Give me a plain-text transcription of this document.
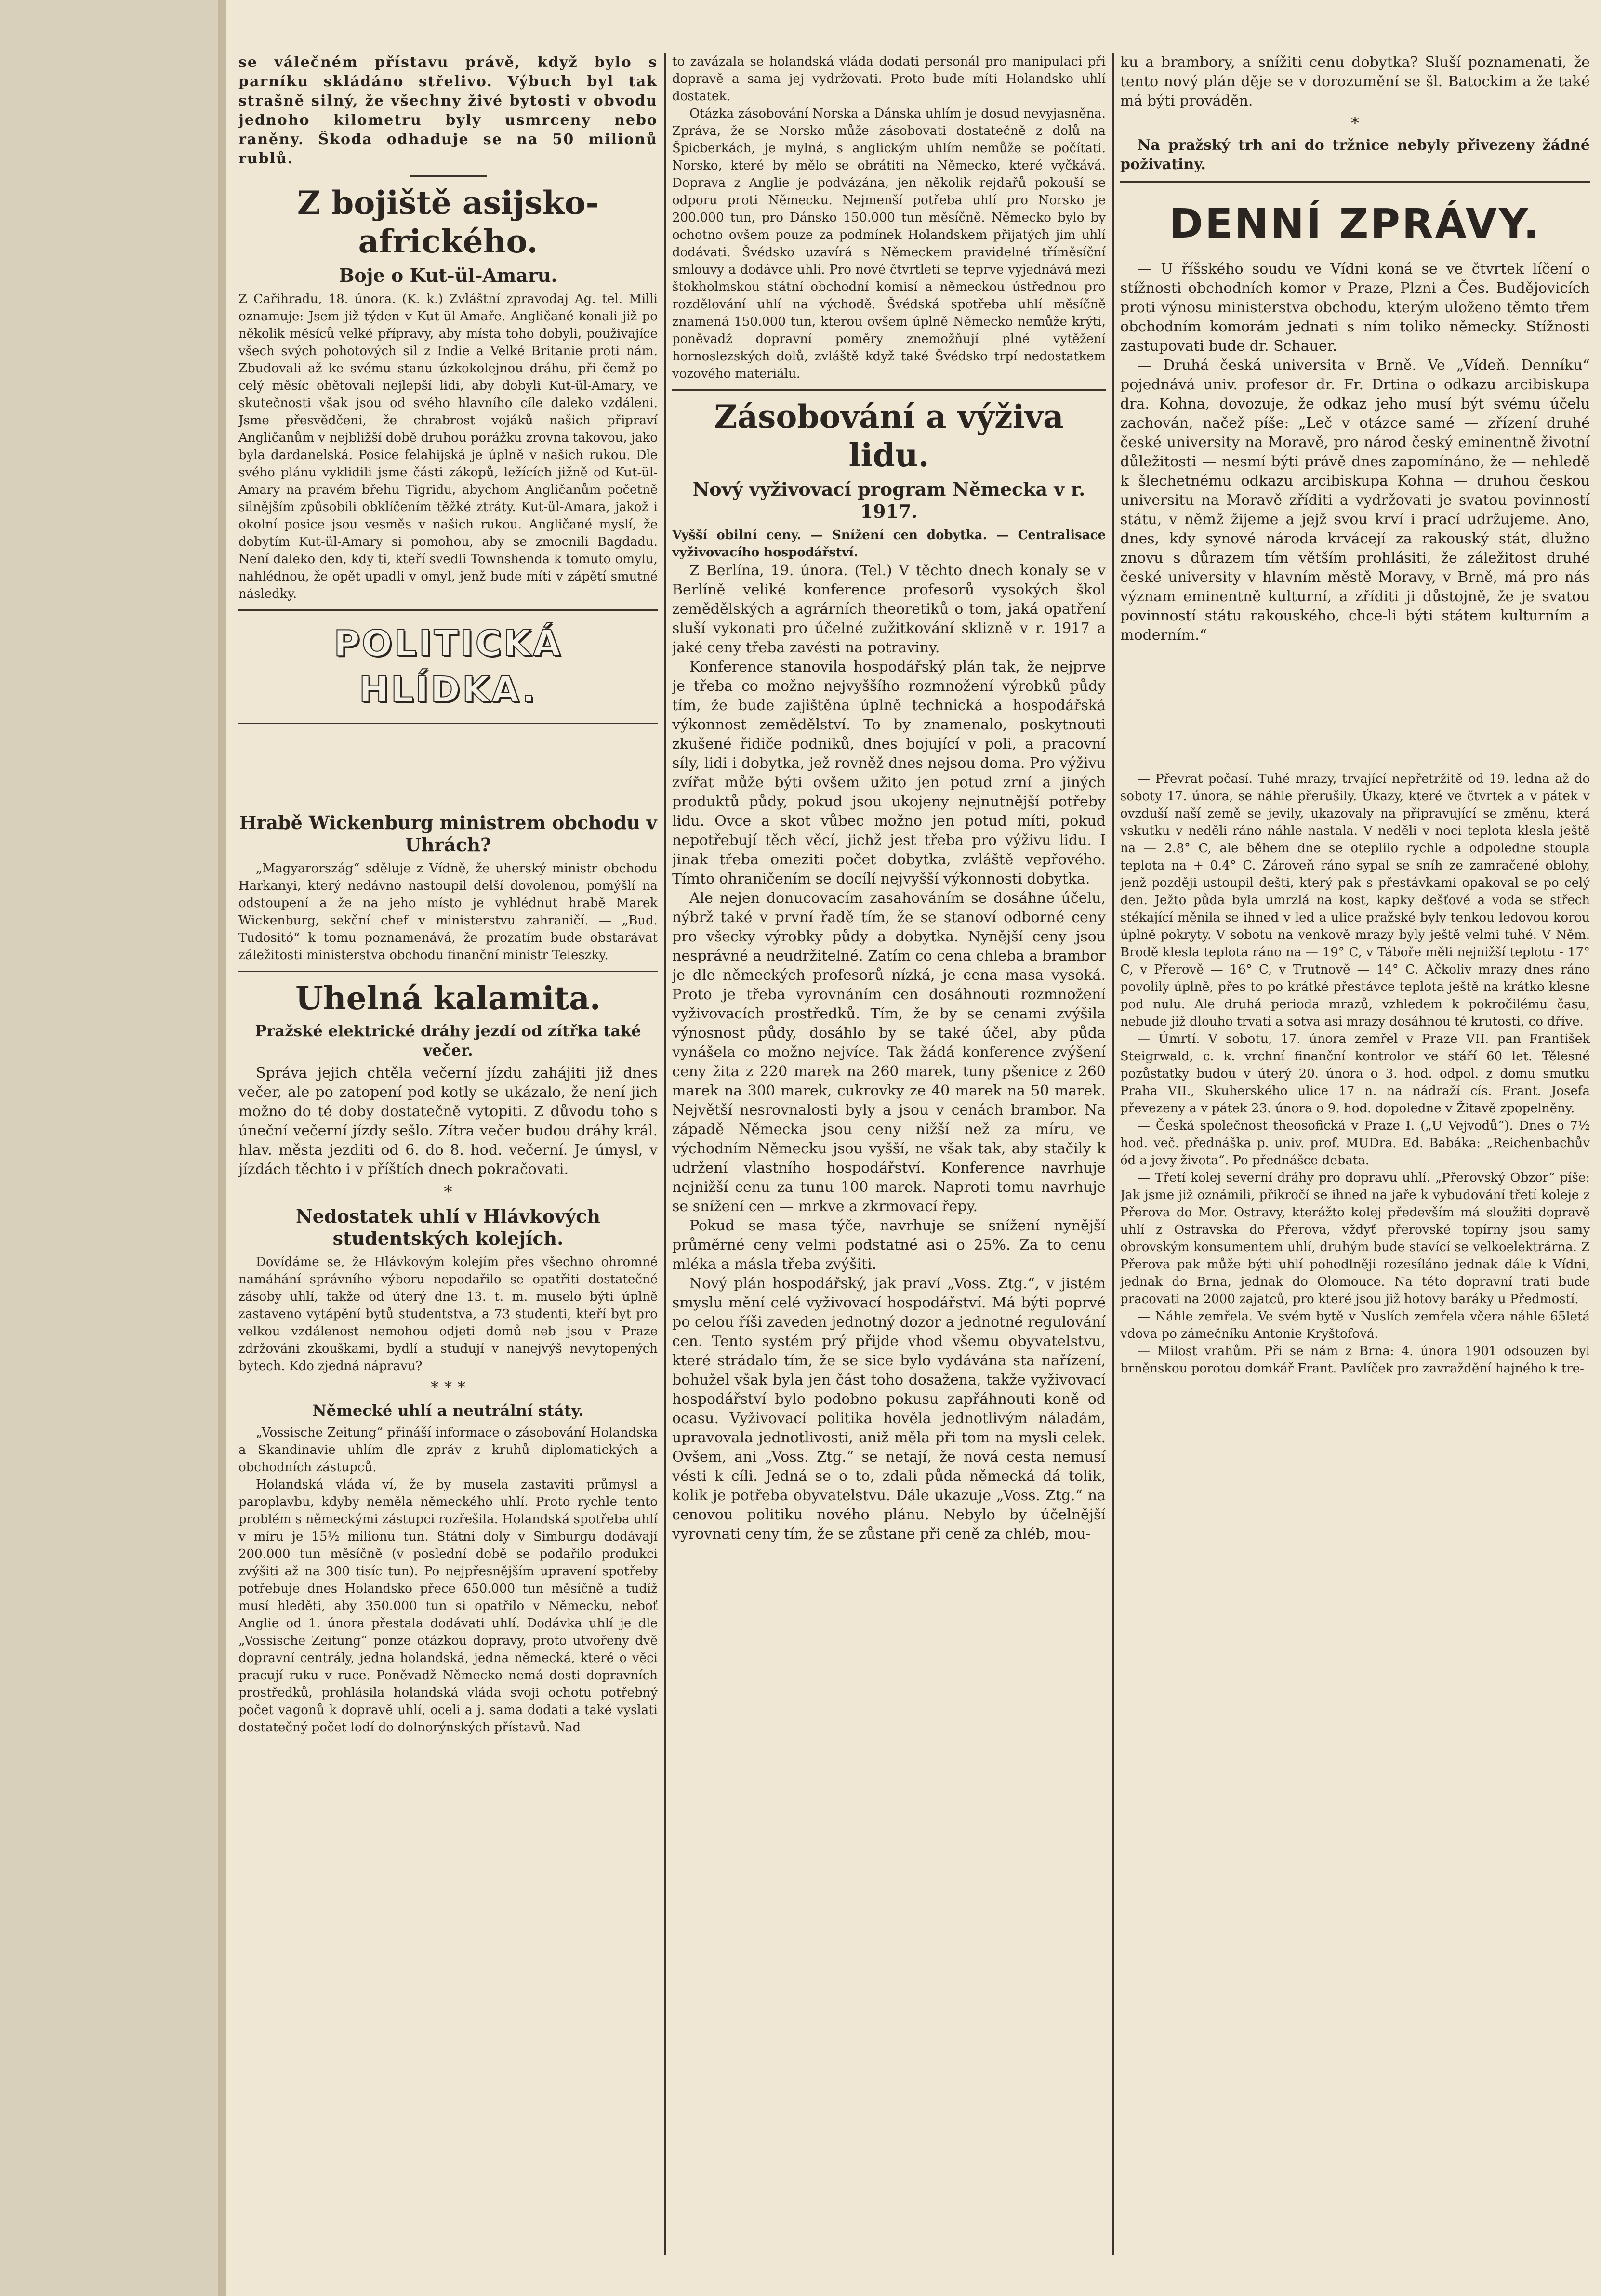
se válečném přístavu právě, když bylo s parníku skládáno střelivo. Výbuch byl tak strašně silný, že všechny živé bytosti v obvodu jednoho kilometru byly usmrceny nebo raněny. Škoda odhaduje se na 50 milionů rublů.

Z bojiště asijsko-afrického.
Boje o Kut-ül-Amaru.

Z Cařihradu, 18. února. (K. k.) Zvláštní zpravodaj Ag. tel. Milli oznamuje: Jsem již týden v Kut-ül-Amaře. Angličané konali již po několik měsíců velké přípravy, aby místa toho dobyli, použivajíce všech svých pohotových sil z Indie a Velké Britanie proti nám. Zbudovali až ke svému stanu úzkokolejnou dráhu, při čemž po celý měsíc obětovali nejlepší lidi, aby dobyli Kut-ül-Amary, ve skutečnosti však jsou od svého hlavního cíle daleko vzdáleni. Jsme přesvědčeni, že chrabrost vojáků našich připraví Angličanům v nejbližší době druhou porážku zrovna takovou, jako byla dardanelská. Posice felahijská je úplně v našich rukou. Dle svého plánu vyklidili jsme části zákopů, ležících jižně od Kut-ül-Amary na pravém břehu Tigridu, abychom Angličanům početně silnějším způsobili obklíčením těžké ztráty. Kut-ül-Amara, jakož i okolní posice jsou vesměs v našich rukou. Angličané myslí, že dobytím Kut-ül-Amary si pomohou, aby se zmocnili Bagdadu. Není daleko den, kdy ti, kteří svedli Townshenda k tomuto omylu, nahlédnou, že opět upadli v omyl, jenž bude míti v zápětí smutné následky.

POLITICKÁ HLÍDKA.
Hrabě Wickenburg ministrem obchodu v Uhrách?

„Magyarország“ sděluje z Vídně, že uherský ministr obchodu Harkanyi, který nedávno nastoupil delší dovolenou, pomýšlí na odstoupení a že na jeho místo je vyhlédnut hrabě Marek Wickenburg, sekční chef v ministerstvu zahraničí. — „Bud. Tudositó“ k tomu poznamenává, že prozatím bude obstarávat záležitosti ministerstva obchodu finanční ministr Teleszky.

Uhelná kalamita.
Pražské elektrické dráhy jezdí od zítřka také večer.

Správa jejich chtěla večerní jízdu zahájiti již dnes večer, ale po zatopení pod kotly se ukázalo, že není jich možno do té doby dostatečně vytopiti. Z důvodu toho s úneční večerní jízdy sešlo. Zítra večer budou dráhy král. hlav. města jezditi od 6. do 8. hod. večerní. Je úmysl, v jízdách těchto i v příštích dnech pokračovati.

*
Nedostatek uhlí v Hlávkových studentských kolejích.

Dovídáme se, že Hlávkovým kolejím přes všechno ohromné namáhání správního výboru nepodařilo se opatřiti dostatečné zásoby uhlí, takže od úterý dne 13. t. m. muselo býti úplně zastaveno vytápění bytů studentstva, a 73 studenti, kteří byt pro velkou vzdálenost nemohou odjeti domů neb jsou v Praze zdržováni zkouškami, bydlí a studují v nanejvýš nevytopených bytech. Kdo zjedná nápravu?

* * *
Německé uhlí a neutrální státy.

„Vossische Zeitung“ přináší informace o zásobování Holandska a Skandinavie uhlím dle zpráv z kruhů diplomatických a obchodních zástupců.

Holandská vláda ví, že by musela zastaviti průmysl a paroplavbu, kdyby neměla německého uhlí. Proto rychle tento problém s německými zástupci rozřešila. Holandská spotřeba uhlí v míru je 15½ milionu tun. Státní doly v Simburgu dodávají 200.000 tun měsíčně (v poslední době se podařilo produkci zvýšiti až na 300 tisíc tun). Po nejpřesnějším upravení spotřeby potřebuje dnes Holandsko přece 650.000 tun měsíčně a tudíž musí hleděti, aby 350.000 tun si opatřilo v Německu, neboť Anglie od 1. února přestala dodávati uhlí. Dodávka uhlí je dle „Vossische Zeitung“ ponze otázkou dopravy, proto utvořeny dvě dopravní centrály, jedna holandská, jedna německá, které o věci pracují ruku v ruce. Poněvadž Německo nemá dosti dopravních prostředků, prohlásila holandská vláda svoji ochotu potřebný počet vagonů k dopravě uhlí, oceli a j. sama dodati a také vyslati dostatečný počet lodí do dolnorýnských přístavů. Nad

to zavázala se holandská vláda dodati personál pro manipulaci při dopravě a sama jej vydržovati. Proto bude míti Holandsko uhlí dostatek.

Otázka zásobování Norska a Dánska uhlím je dosud nevyjasněna. Zpráva, že se Norsko může zásobovati dostatečně z dolů na Špicberkách, je mylná, s anglickým uhlím nemůže se počítati. Norsko, které by mělo se obrátiti na Německo, které vyčkává. Doprava z Anglie je podvázána, jen několik rejdařů pokouší se odporu proti Německu. Nejmenší potřeba uhlí pro Norsko je 200.000 tun, pro Dánsko 150.000 tun měsíčně. Německo bylo by ochotno ovšem pouze za podmínek Holandskem přijatých jim uhlí dodávati. Švédsko uzavírá s Německem pravidelné tříměsíční smlouvy a dodávce uhlí. Pro nové čtvrtletí se teprve vyjednává mezi štokholmskou státní obchodní komisí a německou ústřednou pro rozdělování uhlí na východě. Švédská spotřeba uhlí měsíčně znamená 150.000 tun, kterou ovšem úplně Německo nemůže krýti, poněvadž dopravní poměry znemožňují plné vytěžení hornoslezských dolů, zvláště když také Švédsko trpí nedostatkem vozového materiálu.

Zásobování a výživa lidu.
Nový vyživovací program Německa v r. 1917.

Vyšší obilní ceny. — Snížení cen dobytka. — Centralisace vyživovacího hospodářství.

Z Berlína, 19. února. (Tel.) V těchto dnech konaly se v Berlíně veliké konference profesorů vysokých škol zemědělských a agrárních theoretiků o tom, jaká opatření sluší vykonati pro účelné zužitkování sklizně v r. 1917 a jaké ceny třeba zavésti na potraviny.

Konference stanovila hospodářský plán tak, že nejprve je třeba co možno nejvyššího rozmnožení výrobků půdy tím, že bude zajištěna úplně technická a hospodářská výkonnost zemědělství. To by znamenalo, poskytnouti zkušené řidiče podniků, dnes bojující v poli, a pracovní síly, lidi i dobytka, jež rovněž dnes nejsou doma. Pro výživu zvířat může býti ovšem užito jen potud zrní a jiných produktů půdy, pokud jsou ukojeny nejnutnější potřeby lidu. Ovce a skot vůbec možno jen potud míti, pokud nepotřebují těch věcí, jichž jest třeba pro výživu lidu. I jinak třeba omeziti počet dobytka, zvláště vepřového. Tímto ohraničením se docílí nejvyšší výkonnosti dobytka.

Ale nejen donucovacím zasahováním se dosáhne účelu, nýbrž také v první řadě tím, že se stanoví odborné ceny pro všecky výrobky půdy a dobytka. Nynější ceny jsou nesprávné a neudržitelné. Zatím co cena chleba a brambor je dle německých profesorů nízká, je cena masa vysoká. Proto je třeba vyrovnáním cen dosáhnouti rozmnožení vyživovacích prostředků. Tím, že by se cenami zvýšila výnosnost půdy, dosáhlo by se také účel, aby půda vynášela co možno nejvíce. Tak žádá konference zvýšení ceny žita z 220 marek na 260 marek, tuny pšenice z 260 marek na 300 marek, cukrovky ze 40 marek na 50 marek. Největší nesrovnalosti byly a jsou v cenách brambor. Na západě Německa jsou ceny nižší než za míru, ve východním Německu jsou vyšší, ne však tak, aby stačily k udržení vlastního hospodářství. Konference navrhuje nejnižší cenu za tunu 100 marek. Naproti tomu navrhuje se snížení cen — mrkve a zkrmovací řepy.

Pokud se masa týče, navrhuje se snížení nynější průměrné ceny velmi podstatné asi o 25%. Za to cenu mléka a másla třeba zvýšiti.

Nový plán hospodářský, jak praví „Voss. Ztg.“, v jistém smyslu mění celé vyživovací hospodářství. Má býti poprvé po celou říši zaveden jednotný dozor a jednotné regulování cen. Tento systém prý přijde vhod všemu obyvatelstvu, které strádalo tím, že se sice bylo vydávána sta nařízení, bohužel však byla jen část toho dosažena, takže vyživovací hospodářství bylo podobno pokusu zapřáhnouti koně od ocasu. Vyživovací politika hověla jednotlivým náladám, upravovala jednotlivosti, aniž měla při tom na mysli celek. Ovšem, ani „Voss. Ztg.“ se netají, že nová cesta nemusí vésti k cíli. Jedná se o to, zdali půda německá dá tolik, kolik je potřeba obyvatelstvu. Dále ukazuje „Voss. Ztg.“ na cenovou politiku nového plánu. Nebylo by účelnější vyrovnati ceny tím, že se zůstane při ceně za chléb, mou-

ku a brambory, a snížiti cenu dobytka? Sluší poznamenati, že tento nový plán děje se v dorozumění se šl. Batockim a že také má býti prováděn.

*

Na pražský trh ani do tržnice nebyly přivezeny žádné poživatiny.

DENNÍ ZPRÁVY.

— U říšského soudu ve Vídni koná se ve čtvrtek líčení o stížnosti obchodních komor v Praze, Plzni a Čes. Budějovicích proti výnosu ministerstva obchodu, kterým uloženo těmto třem obchodním komorám jednati s ním toliko německy. Stížnosti zastupovati bude dr. Schauer.

— Druhá česká universita v Brně. Ve „Vídeň. Denníku“ pojednává univ. profesor dr. Fr. Drtina o odkazu arcibiskupa dra. Kohna, dovozuje, že odkaz jeho musí být svému účelu zachován, načež píše: „Leč v otázce samé — zřízení druhé české university na Moravě, pro národ český eminentně životní důležitosti — nesmí býti právě dnes zapomínáno, že — nehledě k šlechetnému odkazu arcibiskupa Kohna — druhou českou universitu na Moravě zříditi a vydržovati je svatou povinností státu, v němž žijeme a jejž svou krví i prací udržujeme. Ano, dnes, kdy synové národa krvácejí za rakouský stát, dlužno znovu s důrazem tím větším prohlásiti, že záležitost druhé české university v hlavním městě Moravy, v Brně, má pro nás význam eminentně kulturní, a zříditi ji důstojně, že je svatou povinností státu rakouského, chce-li býti státem kulturním a moderním.“

— Převrat počasí. Tuhé mrazy, trvající nepřetržitě od 19. ledna až do soboty 17. února, se náhle přerušily. Úkazy, které ve čtvrtek a v pátek v ovzduší naší země se jevily, ukazovaly na připravující se změnu, která vskutku v neděli ráno náhle nastala. V neděli v noci teplota klesla ještě na — 2.8° C, ale během dne se oteplilo rychle a odpoledne stoupla teplota na + 0.4° C. Zároveň ráno sypal se sníh ze zamračené oblohy, jenž později ustoupil dešti, který pak s přestávkami opakoval se po celý den. Ježto půda byla umrzlá na kost, kapky dešťové a voda se střech stékající měnila se ihned v led a ulice pražské byly tenkou ledovou korou úplně pokryty. V sobotu na venkově mrazy byly ještě velmi tuhé. V Něm. Brodě klesla teplota ráno na — 19° C, v Táboře měli nejnižší teplotu - 17° C, v Přerově — 16° C, v Trutnově — 14° C. Ačkoliv mrazy dnes ráno povolily úplně, přes to po krátké přestávce teplota ještě na krátko klesne pod nulu. Ale druhá perioda mrazů, vzhledem k pokročilému času, nebude již dlouho trvati a sotva asi mrazy dosáhnou té krutosti, co dříve.

— Úmrtí. V sobotu, 17. února zemřel v Praze VII. pan František Steigrwald, c. k. vrchní finanční kontrolor ve stáří 60 let. Tělesné pozůstatky budou v úterý 20. února o 3. hod. odpol. z domu smutku Praha VII., Skuherského ulice 17 n. na nádraží cís. Frant. Josefa převezeny a v pátek 23. února o 9. hod. dopoledne v Žitavě zpopelněny.

— Česká společnost theosofická v Praze I. („U Vejvodů“). Dnes o 7½ hod. več. přednáška p. univ. prof. MUDra. Ed. Babáka: „Reichenbachův ód a jevy života“. Po přednášce debata.

— Třetí kolej severní dráhy pro dopravu uhlí. „Přerovský Obzor“ píše: Jak jsme již oznámili, přikročí se ihned na jaře k vybudování třetí koleje z Přerova do Mor. Ostravy, kterážto kolej především má sloužiti dopravě uhlí z Ostravska do Přerova, vždyť přerovské topírny jsou samy obrovským konsumentem uhlí, druhým bude stavící se velkoelektrárna. Z Přerova pak může býti uhlí pohodlněji rozesíláno jednak dále k Vídni, jednak do Brna, jednak do Olomouce. Na této dopravní trati bude pracovati na 2000 zajatců, pro které jsou již hotovy baráky u Předmostí.

— Náhle zemřela. Ve svém bytě v Nuslích zemřela včera náhle 65letá vdova po zámečníku Antonie Kryštofová.

— Milost vrahům. Při se nám z Brna: 4. února 1901 odsouzen byl brněnskou porotou domkář Frant. Pavlíček pro zavraždění hajného k tre-
